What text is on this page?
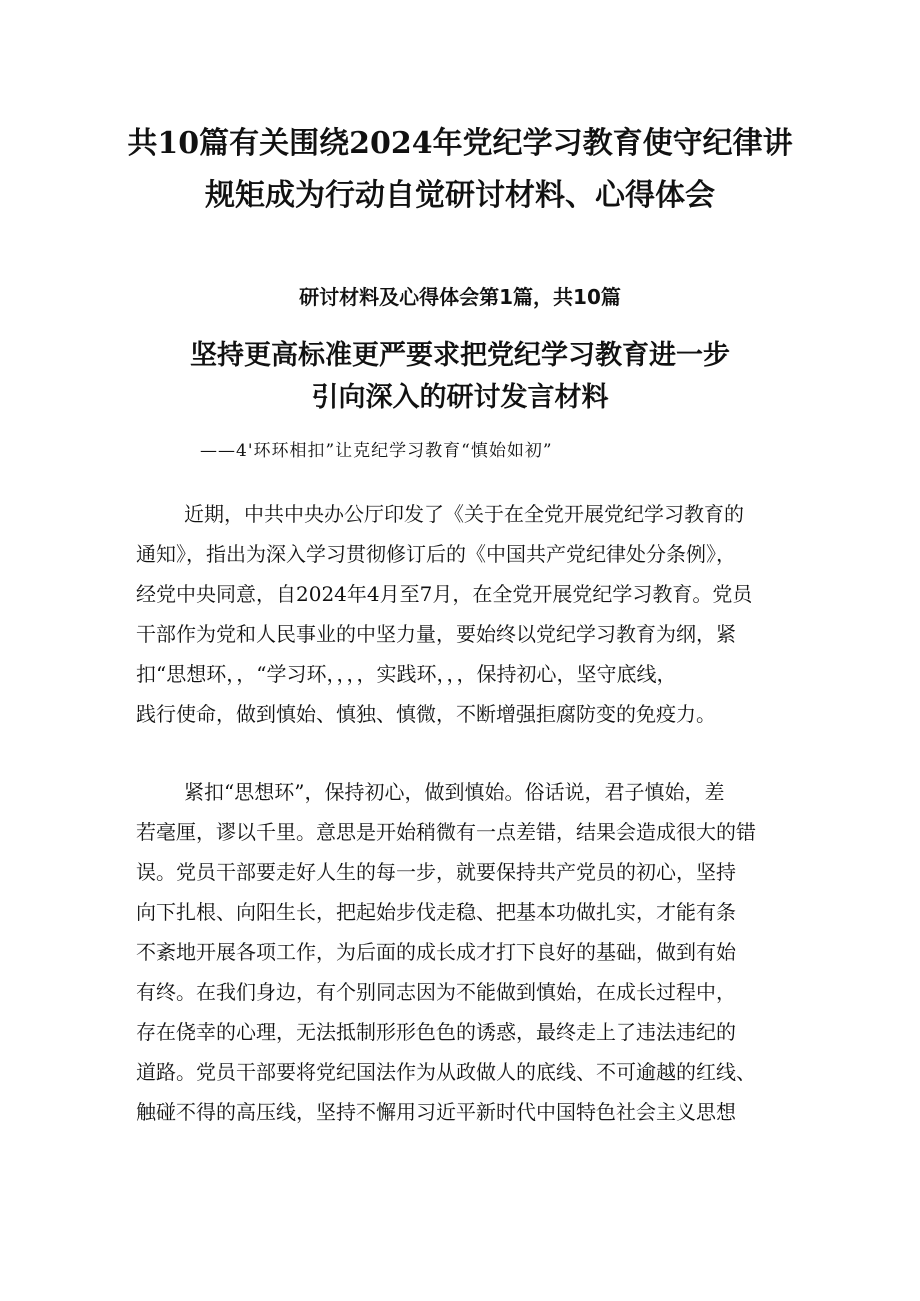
共10篇有关围绕2024年党纪学习教育使守纪律讲
规矩成为行动自觉研讨材料、心得体会
研讨材料及心得体会第1篇，共10篇
坚持更高标准更严要求把党纪学习教育进一步
引向深入的研讨发言材料

——4'环环相扣”让克纪学习教育“慎始如初”

近期，中共中央办公厅印发了《关于在全党开展党纪学习教育的
通知》，指出为深入学习贯彻修订后的《中国共产党纪律处分条例》，
经党中央同意，自2024年4月至7月，在全党开展党纪学习教育。党员
干部作为党和人民事业的中坚力量，要始终以党纪学习教育为纲，紧
扣“思想环，，“学习环，，，，实践环，，，保持初心，坚守底线，
践行使命，做到慎始、慎独、慎微，不断增强拒腐防变的免疫力。

紧扣“思想环”，保持初心，做到慎始。俗话说，君子慎始，差
若毫厘，谬以千里。意思是开始稍微有一点差错，结果会造成很大的错
误。党员干部要走好人生的每一步，就要保持共产党员的初心，坚持
向下扎根、向阳生长，把起始步伐走稳、把基本功做扎实，才能有条
不紊地开展各项工作，为后面的成长成才打下良好的基础，做到有始
有终。在我们身边，有个别同志因为不能做到慎始，在成长过程中，
存在侥幸的心理，无法抵制形形色色的诱惑，最终走上了违法违纪的
道路。党员干部要将党纪国法作为从政做人的底线、不可逾越的红线、
触碰不得的高压线，坚持不懈用习近平新时代中国特色社会主义思想
